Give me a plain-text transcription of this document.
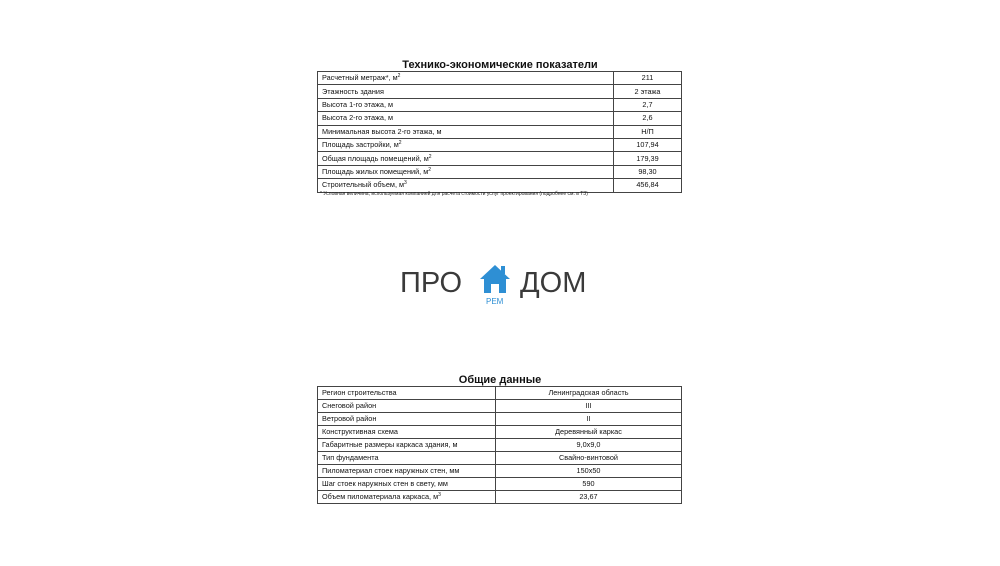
Технико-экономические показатели
Расчетный метраж*, $м^2$	211
Этажность здания	2 этажа
Высота 1-го этажа, м	2,7
Высота 2-го этажа, м	2,6
Минимальная высота 2-го этажа, м	Н/П
Площадь застройки, $м^2$	107,94
Общая площадь помещений, $м^2$	179,39
Площадь жилых помещений, $м^2$	98,30
Строительный объем, $м^3$	456,84
* Условная величина, используемая компанией для расчета стоимости услуг проектирования (подробнее см. в ТЗ)
ПРО
РЕМ
ДОМ
Общие данные
Регион строительства	Ленинградская область
Снеговой район	III
Ветровой район	II
Конструктивная схема	Деревянный каркас
Габаритные размеры каркаса здания, м	9,0х9,0
Тип фундамента	Свайно-винтовой
Пиломатериал стоек наружных стен, мм	150х50
Шаг стоек наружных стен в свету, мм	590
Объем пиломатериала каркаса, $м^3$	23,67
